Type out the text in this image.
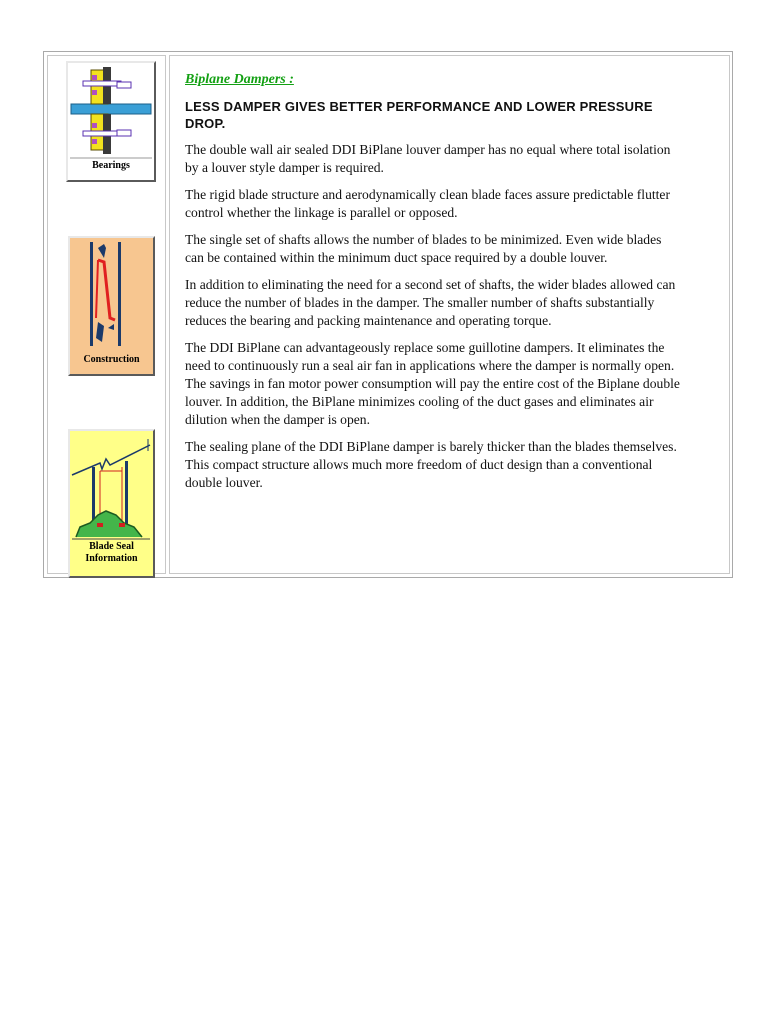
Bearings
Construction
Blade Seal
Information
Biplane Dampers :
LESS DAMPER GIVES BETTER PERFORMANCE AND LOWER PRESSURE
DROP.
The double wall air sealed DDI BiPlane louver damper has no equal where total isolation
by a louver style damper is required.
The rigid blade structure and aerodynamically clean blade faces assure predictable flutter
control whether the linkage is parallel or opposed.
The single set of shafts allows the number of blades to be minimized. Even wide blades
can be contained within the minimum duct space required by a double louver.
In addition to eliminating the need for a second set of shafts, the wider blades allowed can
reduce the number of blades in the damper. The smaller number of shafts substantially
reduces the bearing and packing maintenance and operating torque.
The DDI BiPlane can advantageously replace some guillotine dampers. It eliminates the
need to continuously run a seal air fan in applications where the damper is normally open.
The savings in fan motor power consumption will pay the entire cost of the Biplane double
louver. In addition, the BiPlane minimizes cooling of the duct gases and eliminates air
dilution when the damper is open.
The sealing plane of the DDI BiPlane damper is barely thicker than the blades themselves.
This compact structure allows much more freedom of duct design than a conventional
double louver.
